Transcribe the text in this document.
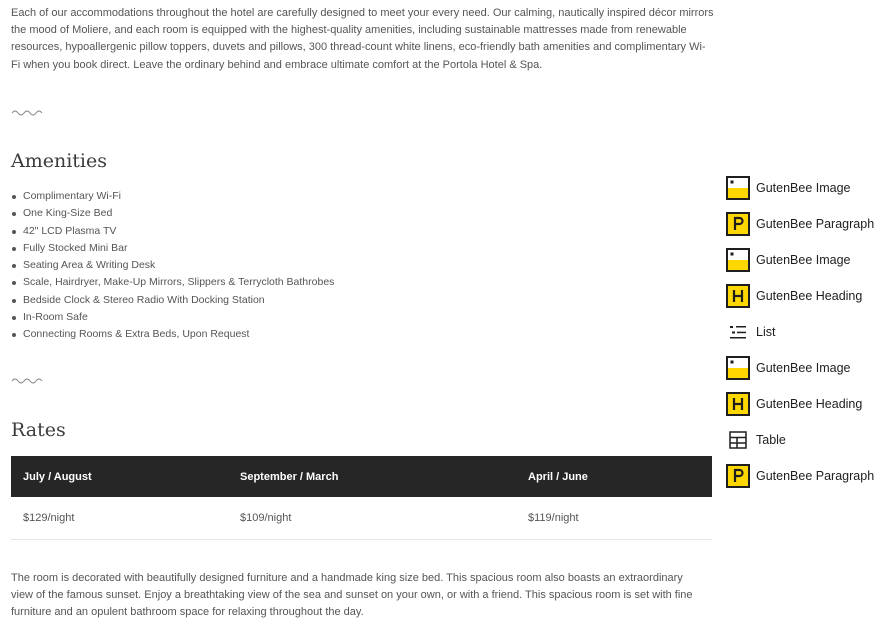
Each of our accommodations throughout the hotel are carefully designed to meet your every need. Our calming, nautically inspired décor mirrors the mood of Moliere, and each room is equipped with the highest-quality amenities, including sustainable mattresses made from renewable resources, hypoallergenic pillow toppers, duvets and pillows, 300 thread-count white linens, eco-friendly bath amenities and complimentary Wi-Fi when you book direct. Leave the ordinary behind and embrace ultimate comfort at the Portola Hotel & Spa.

Amenities
Complimentary Wi-Fi
One King-Size Bed
42" LCD Plasma TV
Fully Stocked Mini Bar
Seating Area & Writing Desk
Scale, Hairdryer, Make-Up Mirrors, Slippers & Terrycloth Bathrobes
Bedside Clock & Stereo Radio With Docking Station
In-Room Safe
Connecting Rooms & Extra Beds, Upon Request
Rates
July / August	September / March	April / June
$129/night	$109/night	$119/night

The room is decorated with beautifully designed furniture and a handmade king size bed. This spacious room also boasts an extraordinary view of the famous sunset. Enjoy a breathtaking view of the sea and sunset on your own, or with a friend. This spacious room is set with fine furniture and an opulent bathroom space for relaxing throughout the day.

GutenBee Image
GutenBee Paragraph
GutenBee Image
GutenBee Heading
List
GutenBee Image
GutenBee Heading
Table
GutenBee Paragraph
